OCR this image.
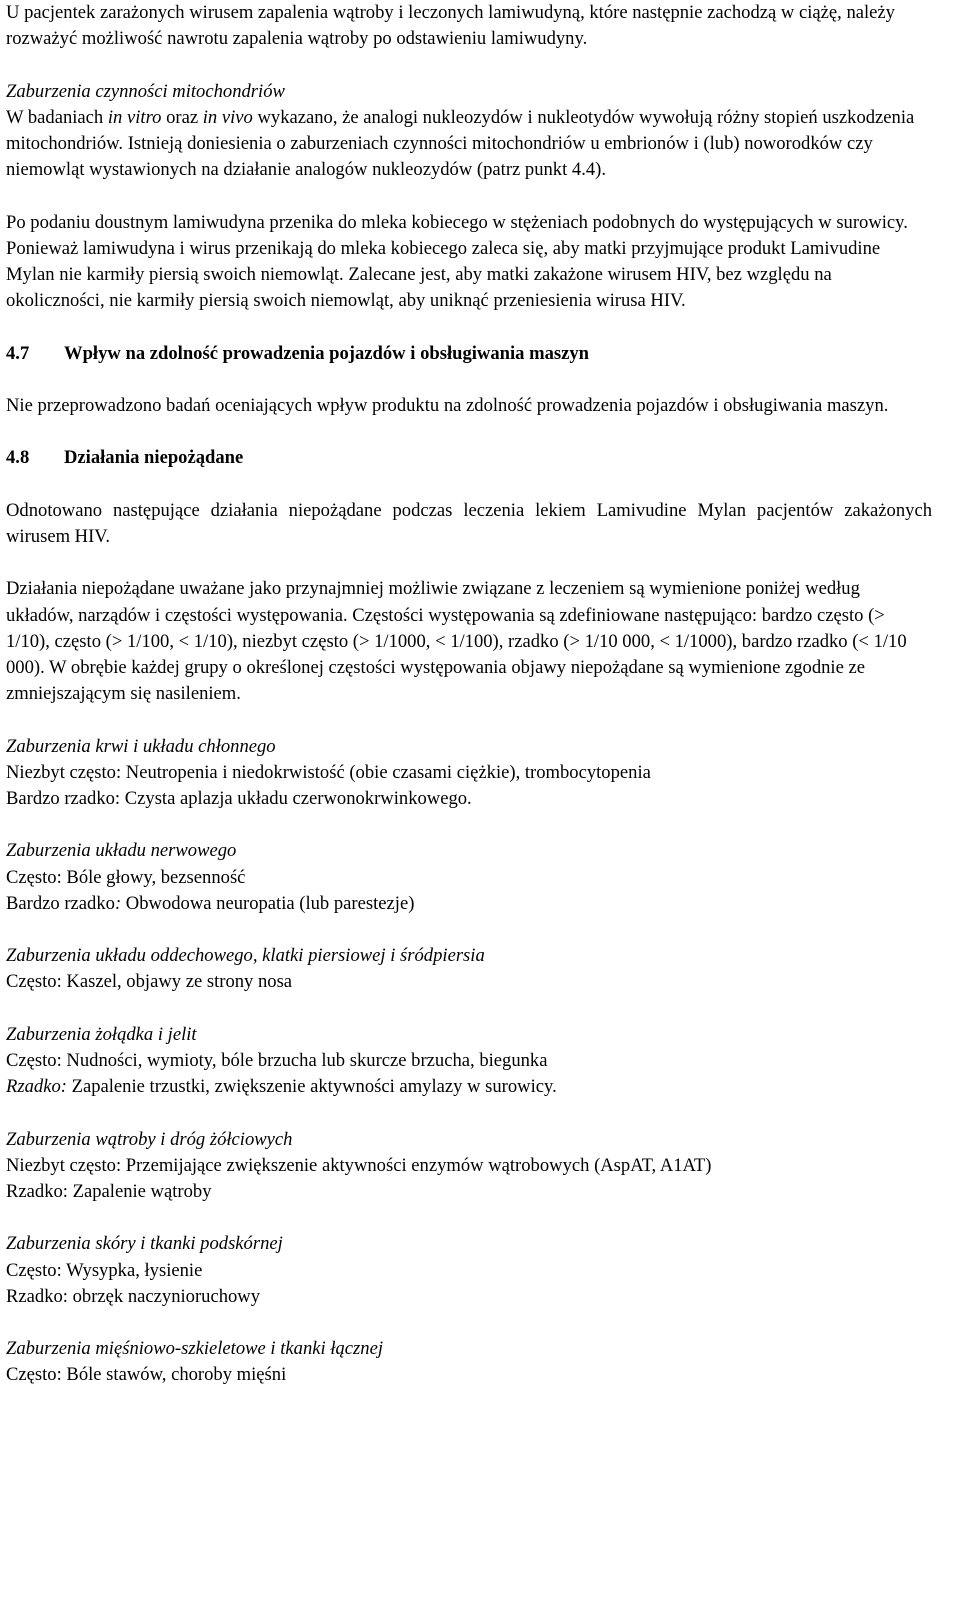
U pacjentek zarażonych wirusem zapalenia wątroby i leczonych lamiwudyną, które następnie zachodzą w ciążę, należy rozważyć możliwość nawrotu zapalenia wątroby po odstawieniu lamiwudyny.

Zaburzenia czynności mitochondriów

W badaniach in vitro oraz in vivo wykazano, że analogi nukleozydów i nukleotydów wywołują różny stopień uszkodzenia mitochondriów. Istnieją doniesienia o zaburzeniach czynności mitochondriów u embrionów i (lub) noworodków czy niemowląt wystawionych na działanie analogów nukleozydów (patrz punkt 4.4).

Po podaniu doustnym lamiwudyna przenika do mleka kobiecego w stężeniach podobnych do występujących w surowicy. Ponieważ lamiwudyna i wirus przenikają do mleka kobiecego zaleca się, aby matki przyjmujące produkt Lamivudine Mylan nie karmiły piersią swoich niemowląt. Zalecane jest, aby matki zakażone wirusem HIV, bez względu na okoliczności, nie karmiły piersią swoich niemowląt, aby uniknąć przeniesienia wirusa HIV.

4.7 Wpływ na zdolność prowadzenia pojazdów i obsługiwania maszyn

Nie przeprowadzono badań oceniających wpływ produktu na zdolność prowadzenia pojazdów i obsługiwania maszyn.

4.8 Działania niepożądane

Odnotowano następujące działania niepożądane podczas leczenia lekiem Lamivudine Mylan pacjentów zakażonych wirusem HIV.

Działania niepożądane uważane jako przynajmniej możliwie związane z leczeniem są wymienione poniżej według układów, narządów i częstości występowania. Częstości występowania są zdefiniowane następująco: bardzo często (> 1/10), często (> 1/100, < 1/10), niezbyt często (> 1/1000, < 1/100), rzadko (> 1/10 000, < 1/1000), bardzo rzadko (< 1/10 000). W obrębie każdej grupy o określonej częstości występowania objawy niepożądane są wymienione zgodnie ze zmniejszającym się nasileniem.

Zaburzenia krwi i układu chłonnego

Niezbyt często: Neutropenia i niedokrwistość (obie czasami ciężkie), trombocytopenia

Bardzo rzadko: Czysta aplazja układu czerwonokrwinkowego.

Zaburzenia układu nerwowego

Często: Bóle głowy, bezsenność

Bardzo rzadko: Obwodowa neuropatia (lub parestezje)

Zaburzenia układu oddechowego, klatki piersiowej i śródpiersia

Często: Kaszel, objawy ze strony nosa

Zaburzenia żołądka i jelit

Często: Nudności, wymioty, bóle brzucha lub skurcze brzucha, biegunka

Rzadko: Zapalenie trzustki, zwiększenie aktywności amylazy w surowicy.

Zaburzenia wątroby i dróg żółciowych

Niezbyt często: Przemijające zwiększenie aktywności enzymów wątrobowych (AspAT, A1AT)

Rzadko: Zapalenie wątroby

Zaburzenia skóry i tkanki podskórnej

Często: Wysypka, łysienie

Rzadko: obrzęk naczynioruchowy

Zaburzenia mięśniowo-szkieletowe i tkanki łącznej

Często: Bóle stawów, choroby mięśni
